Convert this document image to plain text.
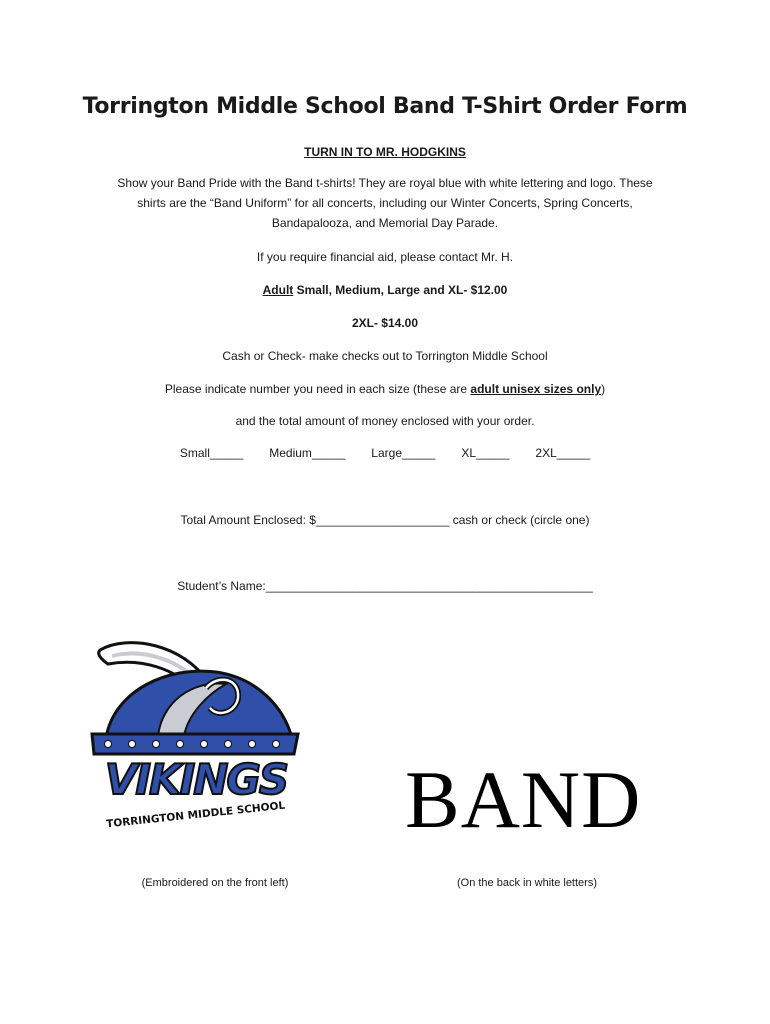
Torrington Middle School Band T-Shirt Order Form
TURN IN TO MR. HODGKINS
Show your Band Pride with the Band t-shirts! They are royal blue with white lettering and logo. These
shirts are the “Band Uniform” for all concerts, including our Winter Concerts, Spring Concerts,
Bandapalooza, and Memorial Day Parade.
If you require financial aid, please contact Mr. H.
Adult Small, Medium, Large and XL- $12.00
2XL- $14.00
Cash or Check- make checks out to Torrington Middle School
Please indicate number you need in each size (these are adult unisex sizes only)
and the total amount of money enclosed with your order.
Small_____ Medium_____ Large_____ XL_____ 2XL_____
Total Amount Enclosed: $____________________ cash or check (circle one)
Student’s Name:_________________________________________________
VIKINGS
TORRINGTON MIDDLE SCHOOL BAND
(Embroidered on the front left)	(On the back in white letters)
